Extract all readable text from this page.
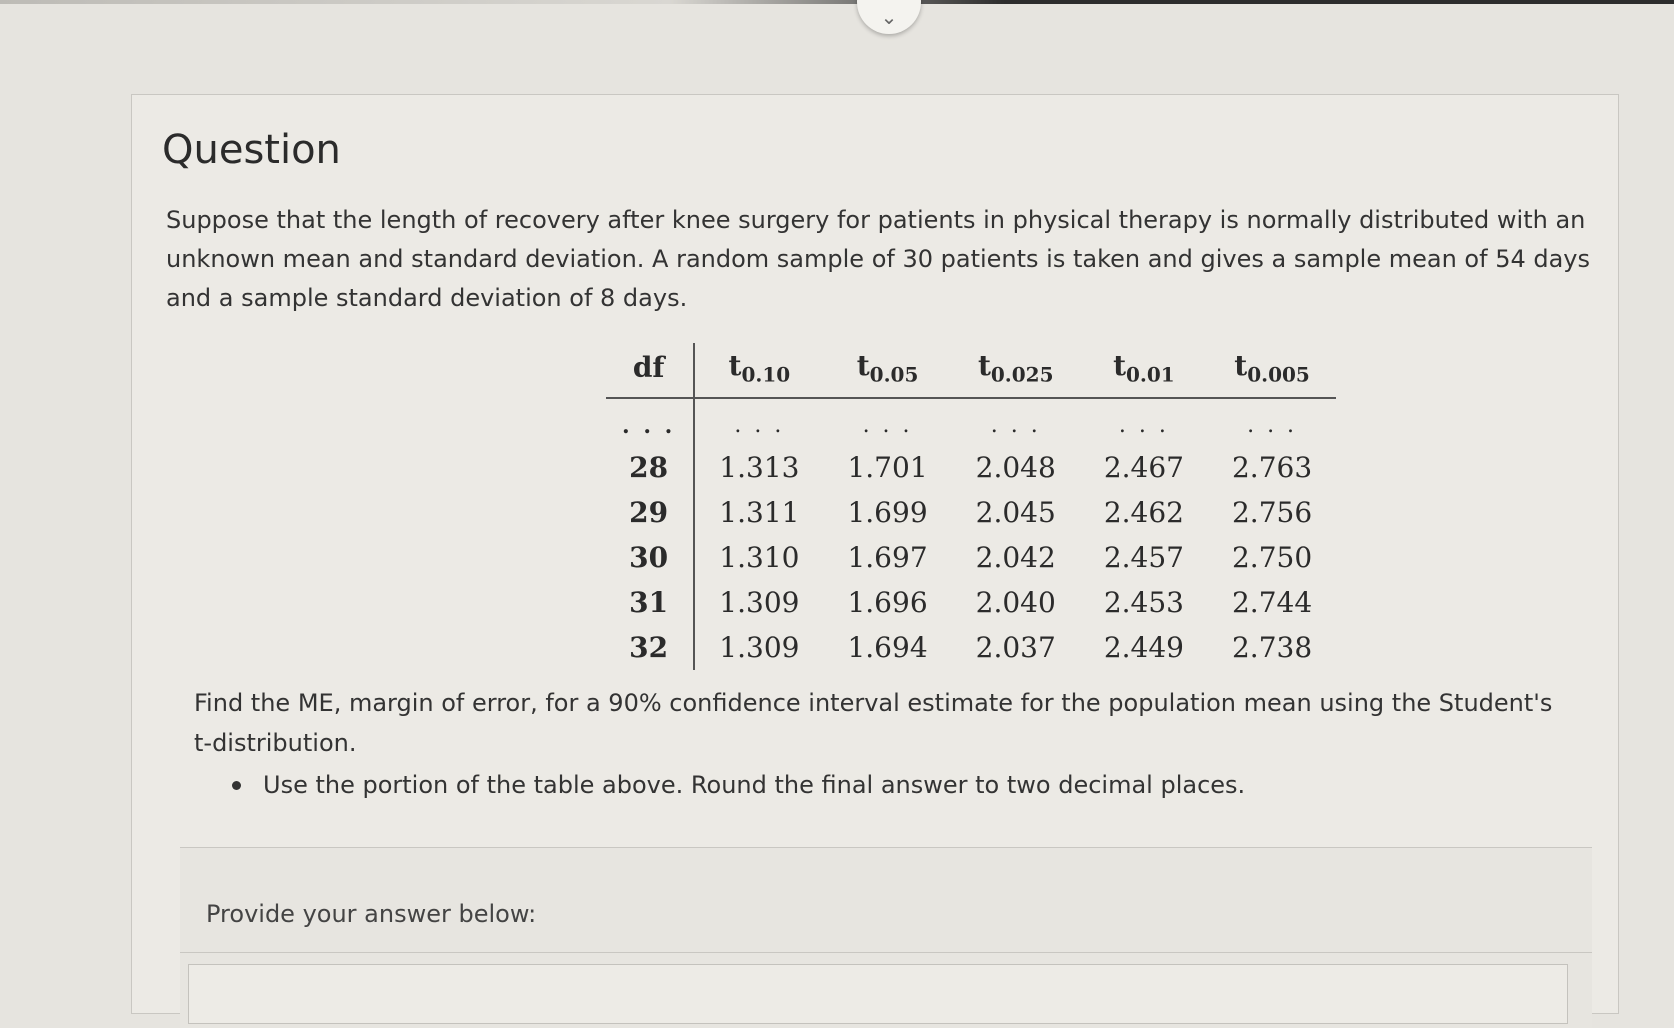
⌄
Question

Suppose that the length of recovery after knee surgery for patients in physical therapy is normally distributed with an unknown mean and standard deviation. A random sample of 30 patients is taken and gives a sample mean of 54 days and a sample standard deviation of 8 days.

df	$t_{0.10}$	$t_{0.05}$	$t_{0.025}$	$t_{0.01}$	$t_{0.005}$
. . .	. . .	. . .	. . .	. . .	. . .
28	1.313	1.701	2.048	2.467	2.763
29	1.311	1.699	2.045	2.462	2.756
30	1.310	1.697	2.042	2.457	2.750
31	1.309	1.696	2.040	2.453	2.744
32	1.309	1.694	2.037	2.449	2.738

Find the ME, margin of error, for a 90% confidence interval estimate for the population mean using the Student's t-distribution.

Use the portion of the table above. Round the final answer to two decimal places.

Provide your answer below:
